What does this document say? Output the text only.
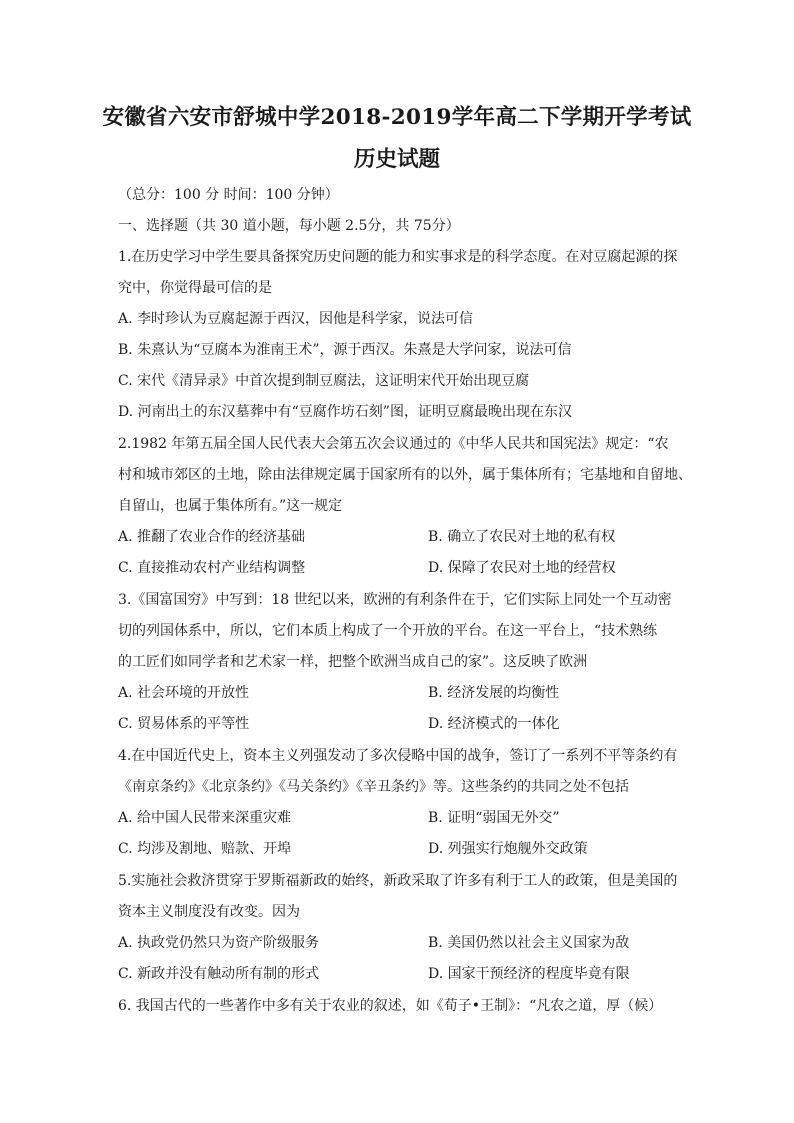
安徽省六安市舒城中学2018-2019学年高二下学期开学考试
历史试题
（总分：100 分 时间：100 分钟）
一、选择题（共 30 道小题，每小题 2.5分，共 75分）
1.在历史学习中学生要具备探究历史问题的能力和实事求是的科学态度。在对豆腐起源的探
究中，你觉得最可信的是
A. 李时珍认为豆腐起源于西汉，因他是科学家，说法可信
B. 朱熹认为“豆腐本为淮南王术”，源于西汉。朱熹是大学问家，说法可信
C. 宋代《清异录》中首次提到制豆腐法，这证明宋代开始出现豆腐
D. 河南出土的东汉墓葬中有“豆腐作坊石刻”图，证明豆腐最晚出现在东汉
2.1982 年第五届全国人民代表大会第五次会议通过的《中华人民共和国宪法》规定：“农
村和城市郊区的土地，除由法律规定属于国家所有的以外，属于集体所有；宅基地和自留地、
自留山，也属于集体所有。”这一规定
A. 推翻了农业合作的经济基础	B. 确立了农民对土地的私有权
C. 直接推动农村产业结构调整	D. 保障了农民对土地的经营权
3.《国富国穷》中写到：18 世纪以来，欧洲的有利条件在于，它们实际上同处一个互动密
切的列国体系中，所以，它们本质上构成了一个开放的平台。在这一平台上，“技术熟练
的工匠们如同学者和艺术家一样，把整个欧洲当成自己的家”。这反映了欧洲
A. 社会环境的开放性	B. 经济发展的均衡性
C. 贸易体系的平等性	D. 经济模式的一体化
4.在中国近代史上，资本主义列强发动了多次侵略中国的战争，签订了一系列不平等条约有
《南京条约》《北京条约》《马关条约》《辛丑条约》等。这些条约的共同之处不包括
A. 给中国人民带来深重灾难	B. 证明“弱国无外交”
C. 均涉及割地、赔款、开埠	D. 列强实行炮舰外交政策
5.实施社会救济贯穿于罗斯福新政的始终，新政采取了许多有利于工人的政策，但是美国的
资本主义制度没有改变。因为
A. 执政党仍然只为资产阶级服务	B. 美国仍然以社会主义国家为敌
C. 新政并没有触动所有制的形式	D. 国家干预经济的程度毕竟有限
6. 我国古代的一些著作中多有关于农业的叙述，如《荀子•王制》：“凡农之道，厚（候）
